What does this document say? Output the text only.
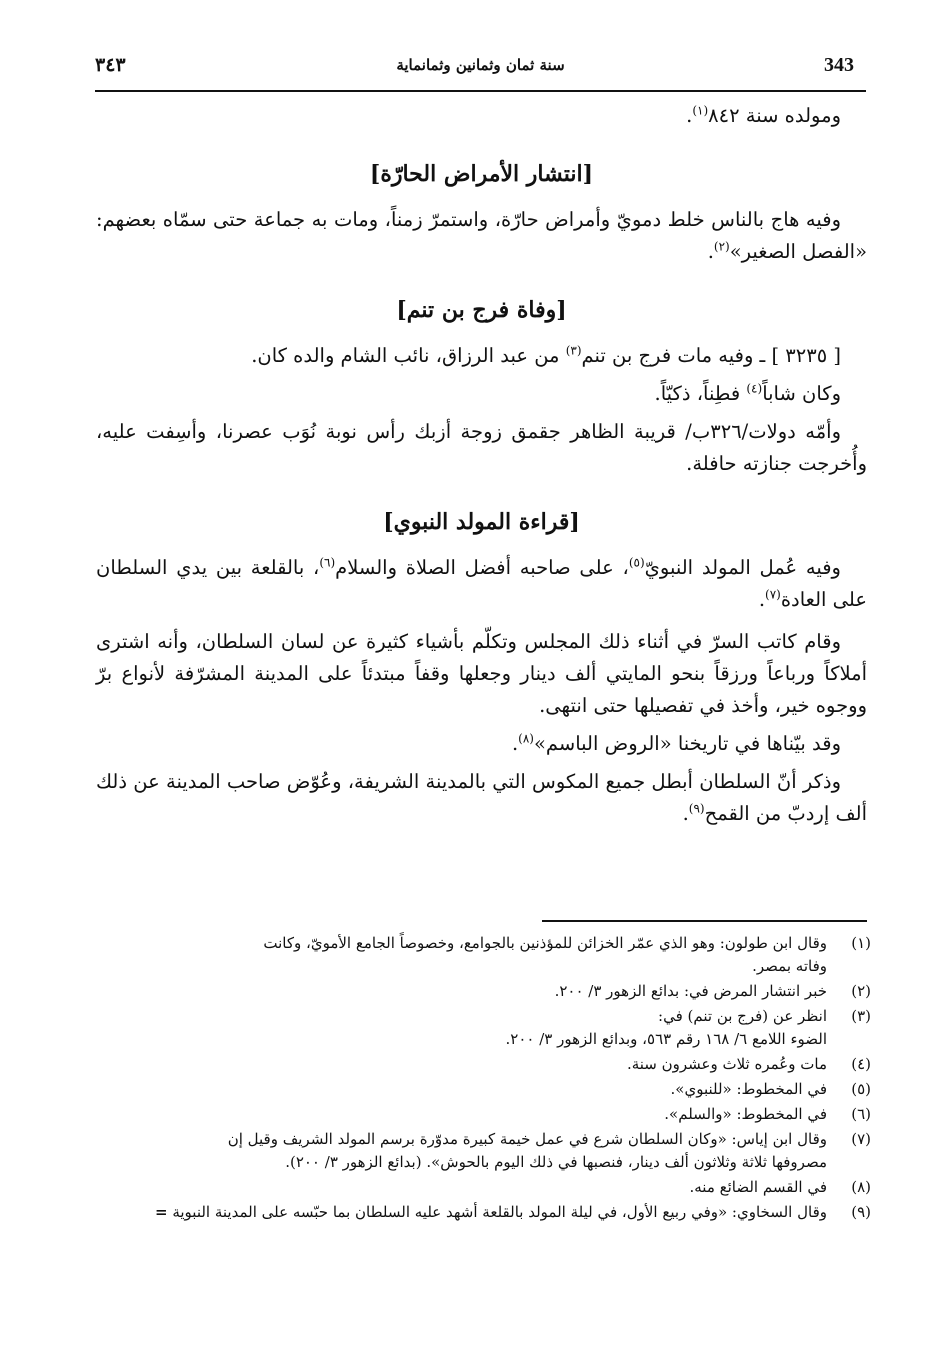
343
سنة ثمان وثمانين وثمانماية
٣٤٣

ومولده سنة ٨٤٢$^{(١)}$.

[انتشار الأمراض الحارّة]

وفيه هاج بالناس خلط دمويّ وأمراض حارّة، واستمرّ زمناً، ومات به جماعة حتى سمّاه بعضهم: «الفصل الصغير»$^{(٢)}$.

[وفاة فرج بن تنم]

[ ٣٢٣٥ ] ـ وفيه مات فرج بن تنم$^{(٣)}$ من عبد الرزاق، نائب الشام والده كان.

وكان شاباً$^{(٤)}$ فطِناً، ذكيّاً.

وأمّه دولات/٣٢٦ب/ قريبة الظاهر جقمق زوجة أزبك رأس نوبة نُوَب عصرنا، وأسِفت عليه، وأُخرجت جنازته حافلة.

[قراءة المولد النبوي]

وفيه عُمل المولد النبويّ$^{(٥)}$، على صاحبه أفضل الصلاة والسلام$^{(٦)}$، بالقلعة بين يدي السلطان على العادة$^{(٧)}$.

وقام كاتب السرّ في أثناء ذلك المجلس وتكلّم بأشياء كثيرة عن لسان السلطان، وأنه اشترى أملاكاً ورباعاً ورزقاً بنحو المايتي ألف دينار وجعلها وقفاً مبتدئاً على المدينة المشرّفة لأنواع برّ ووجوه خير، وأخذ في تفصيلها حتى انتهى.

وقد بيّناها في تاريخنا «الروض الباسم»$^{(٨)}$.

وذكر أنّ السلطان أبطل جميع المكوس التي بالمدينة الشريفة، وعُوّض صاحب المدينة عن ذلك ألف إردبّ من القمح$^{(٩)}$.

(١)
وقال ابن طولون: وهو الذي عمّر الخزائن للمؤذنين بالجوامع، وخصوصاً الجامع الأمويّ، وكانت
وفاته بمصر.
(٢)
خبر انتشار المرض في: بدائع الزهور ٣/ ٢٠٠.
(٣)
انظر عن (فرج بن تنم) في:
الضوء اللامع ٦/ ١٦٨ رقم ٥٦٣، وبدائع الزهور ٣/ ٢٠٠.
(٤)
مات وعُمره ثلاث وعشرون سنة.
(٥)
في المخطوط: «للنبوي».
(٦)
في المخطوط: «والسلم».
(٧)
وقال ابن إياس: «وكان السلطان شرع في عمل خيمة كبيرة مدوّرة برسم المولد الشريف وقيل إن
مصروفها ثلاثة وثلاثون ألف دينار، فنصبها في ذلك اليوم بالحوش». (بدائع الزهور ٣/ ٢٠٠).
(٨)
في القسم الضائع منه.
(٩)
وقال السخاوي: «وفي ربيع الأول، في ليلة المولد بالقلعة أشهد عليه السلطان بما حبّسه على المدينة النبوية =
